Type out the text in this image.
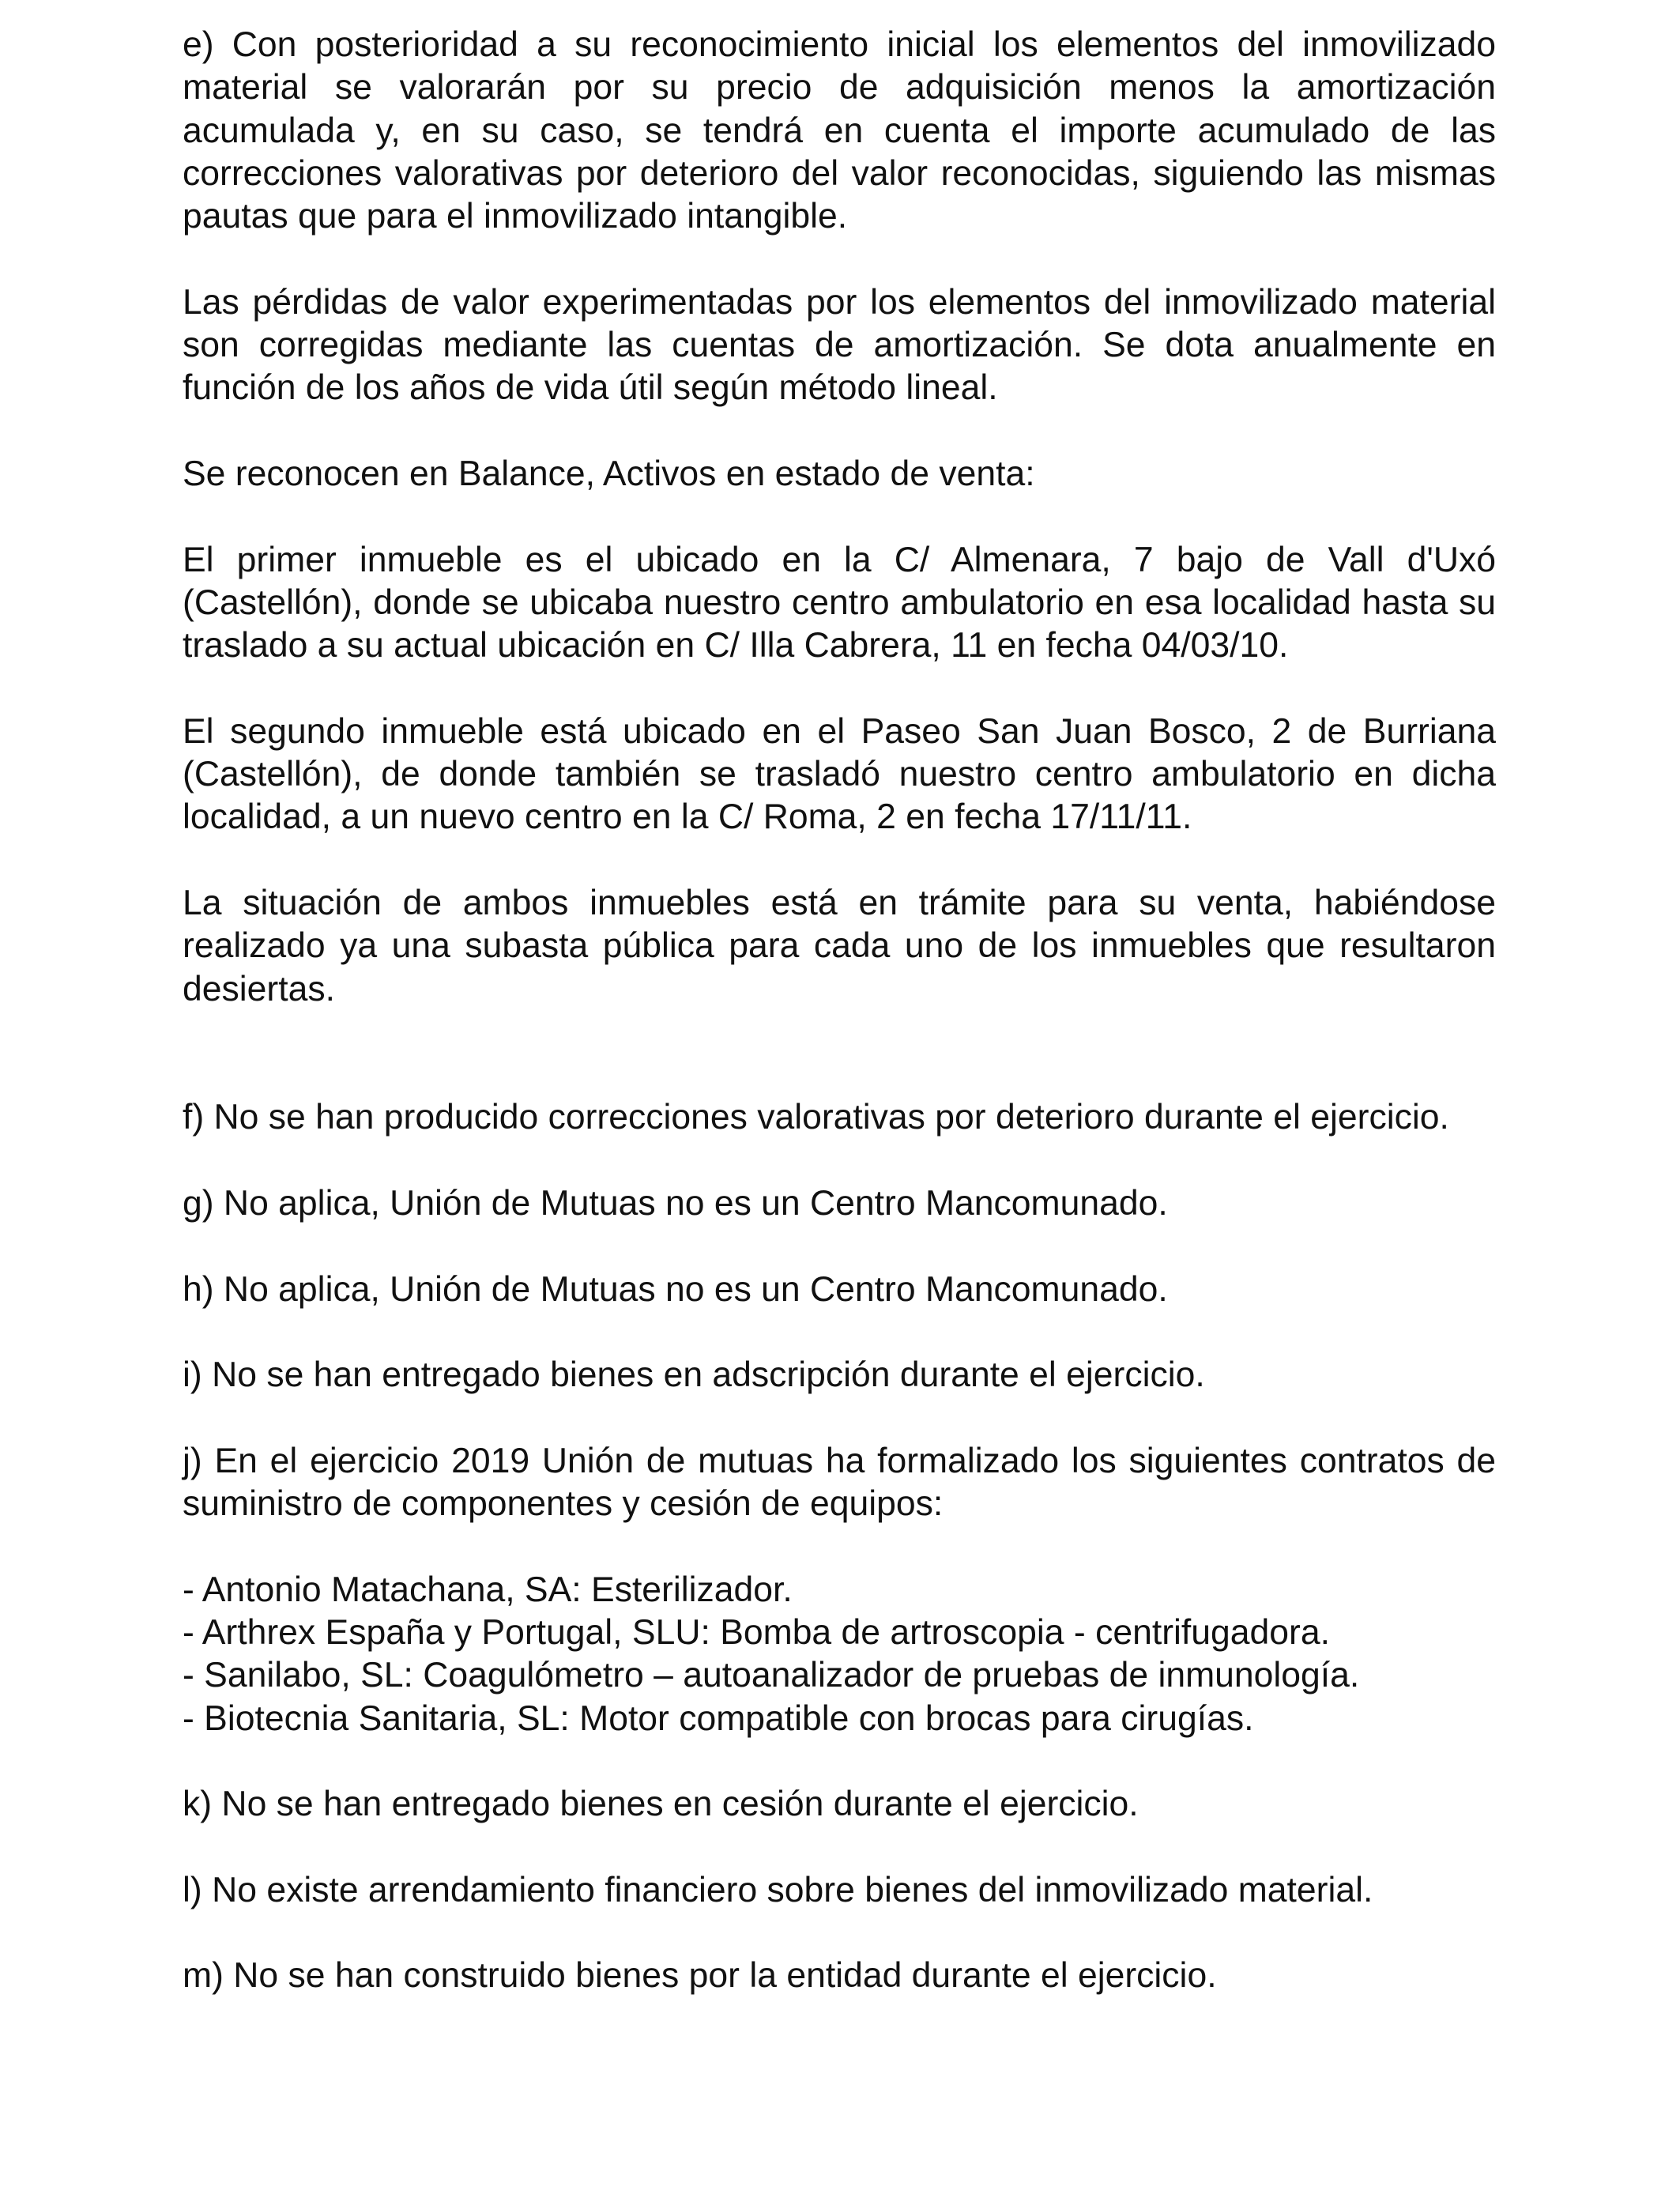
e) Con posterioridad a su reconocimiento inicial los elementos del inmovilizado material se valorarán por su precio de adquisición menos la amortización acumulada y, en su caso, se tendrá en cuenta el importe acumulado de las correcciones valorativas por deterioro del valor reconocidas, siguiendo las mismas pautas que para el inmovilizado intangible.

Las pérdidas de valor experimentadas por los elementos del inmovilizado material son corregidas mediante las cuentas de amortización. Se dota anualmente en función de los años de vida útil según método lineal.

Se reconocen en Balance, Activos en estado de venta:

El primer inmueble es el ubicado en la C/ Almenara, 7 bajo de Vall d'Uxó (Castellón), donde se ubicaba nuestro centro ambulatorio en esa localidad hasta su traslado a su actual ubicación en C/ Illa Cabrera, 11 en fecha 04/03/10.

El segundo inmueble está ubicado en el Paseo San Juan Bosco, 2 de Burriana (Castellón), de donde también se trasladó nuestro centro ambulatorio en dicha localidad, a un nuevo centro en la C/ Roma, 2 en fecha 17/11/11.

La situación de ambos inmuebles está en trámite para su venta, habiéndose realizado ya una subasta pública para cada uno de los inmuebles que resultaron desiertas.

f) No se han producido correcciones valorativas por deterioro durante el ejercicio.

g) No aplica, Unión de Mutuas no es un Centro Mancomunado.

h) No aplica, Unión de Mutuas no es un Centro Mancomunado.

i) No se han entregado bienes en adscripción durante el ejercicio.

j) En el ejercicio 2019 Unión de mutuas ha formalizado los siguientes contratos de suministro de componentes y cesión de equipos:

- Antonio Matachana, SA: Esterilizador.

- Arthrex España y Portugal, SLU: Bomba de artroscopia - centrifugadora.

- Sanilabo, SL: Coagulómetro – autoanalizador de pruebas de inmunología.

- Biotecnia Sanitaria, SL: Motor compatible con brocas para cirugías.

k) No se han entregado bienes en cesión durante el ejercicio.

l) No existe arrendamiento financiero sobre bienes del inmovilizado material.

m) No se han construido bienes por la entidad durante el ejercicio.
